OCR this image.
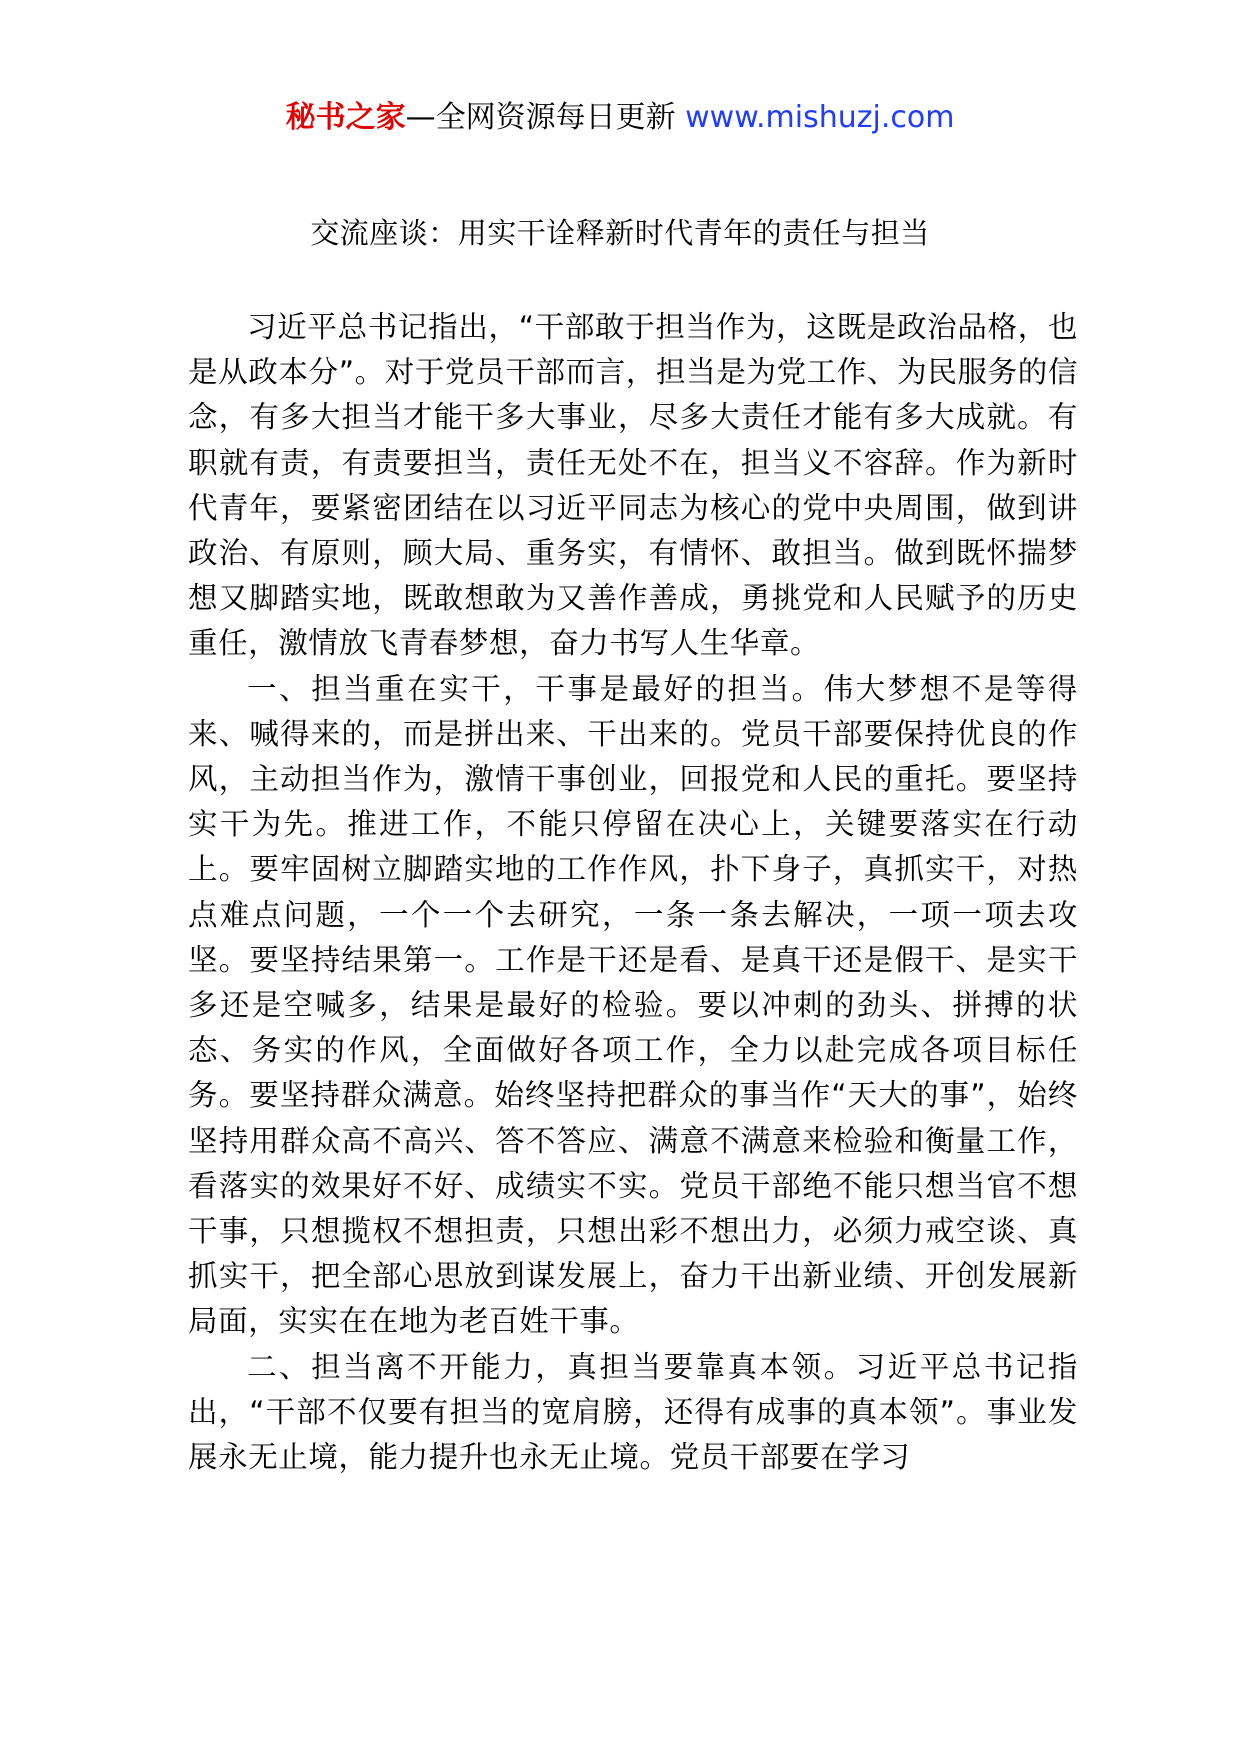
秘书之家—全网资源每日更新 www.mishuzj.com
交流座谈：用实干诠释新时代青年的责任与担当

习近平总书记指出，“干部敢于担当作为，这既是政治品格，也是从政本分”。对于党员干部而言，担当是为党工作、为民服务的信念，有多大担当才能干多大事业，尽多大责任才能有多大成就。有职就有责，有责要担当，责任无处不在，担当义不容辞。作为新时代青年，要紧密团结在以习近平同志为核心的党中央周围，做到讲政治、有原则，顾大局、重务实，有情怀、敢担当。做到既怀揣梦想又脚踏实地，既敢想敢为又善作善成，勇挑党和人民赋予的历史重任，激情放飞青春梦想，奋力书写人生华章。

一、担当重在实干，干事是最好的担当。伟大梦想不是等得来、喊得来的，而是拼出来、干出来的。党员干部要保持优良的作风，主动担当作为，激情干事创业，回报党和人民的重托。要坚持实干为先。推进工作，不能只停留在决心上，关键要落实在行动上。要牢固树立脚踏实地的工作作风，扑下身子，真抓实干，对热点难点问题，一个一个去研究，一条一条去解决，一项一项去攻坚。要坚持结果第一。工作是干还是看、是真干还是假干、是实干多还是空喊多，结果是最好的检验。要以冲刺的劲头、拼搏的状态、务实的作风，全面做好各项工作，全力以赴完成各项目标任务。要坚持群众满意。始终坚持把群众的事当作“天大的事”，始终坚持用群众高不高兴、答不答应、满意不满意来检验和衡量工作，看落实的效果好不好、成绩实不实。党员干部绝不能只想当官不想干事，只想揽权不想担责，只想出彩不想出力，必须力戒空谈、真抓实干，把全部心思放到谋发展上，奋力干出新业绩、开创发展新局面，实实在在地为老百姓干事。

二、担当离不开能力，真担当要靠真本领。习近平总书记指出，“干部不仅要有担当的宽肩膀，还得有成事的真本领”。事业发展永无止境，能力提升也永无止境。党员干部要在学习
